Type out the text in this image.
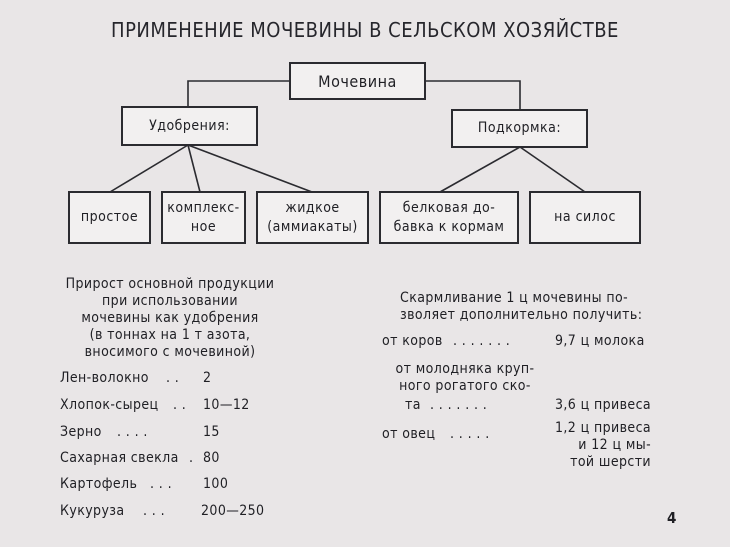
ПРИМЕНЕНИЕ МОЧЕВИНЫ В СЕЛЬСКОМ ХОЗЯЙСТВЕ
Мочевина
Удобрения:	Подкормка:
простое
комплекс-
ное
жидкое
(аммиакаты)
белковая до-
бавка к кормам
на силос
Прирост основной продукции
при использовании
мочевины как удобрения
(в тоннах на 1 т азота,
вносимого с мочевиной)
Лен-волокно . . 2
Хлопок-сырец . . 10—12
Зерно . . . .	15
Сахарная свекла . 80
Картофель . . . 100
Кукуруза . . .	200—250
Скармливание 1 ц мочевины по-
зволяет дополнительно получить:
от коров . . . . . . .	9,7 ц молока
от молодняка круп-
ного рогатого ско-
та . . . . . . .	3,6 ц привеса
от овец . . . . .	1,2 ц привеса
и 12 ц мы-
той шерсти
4
